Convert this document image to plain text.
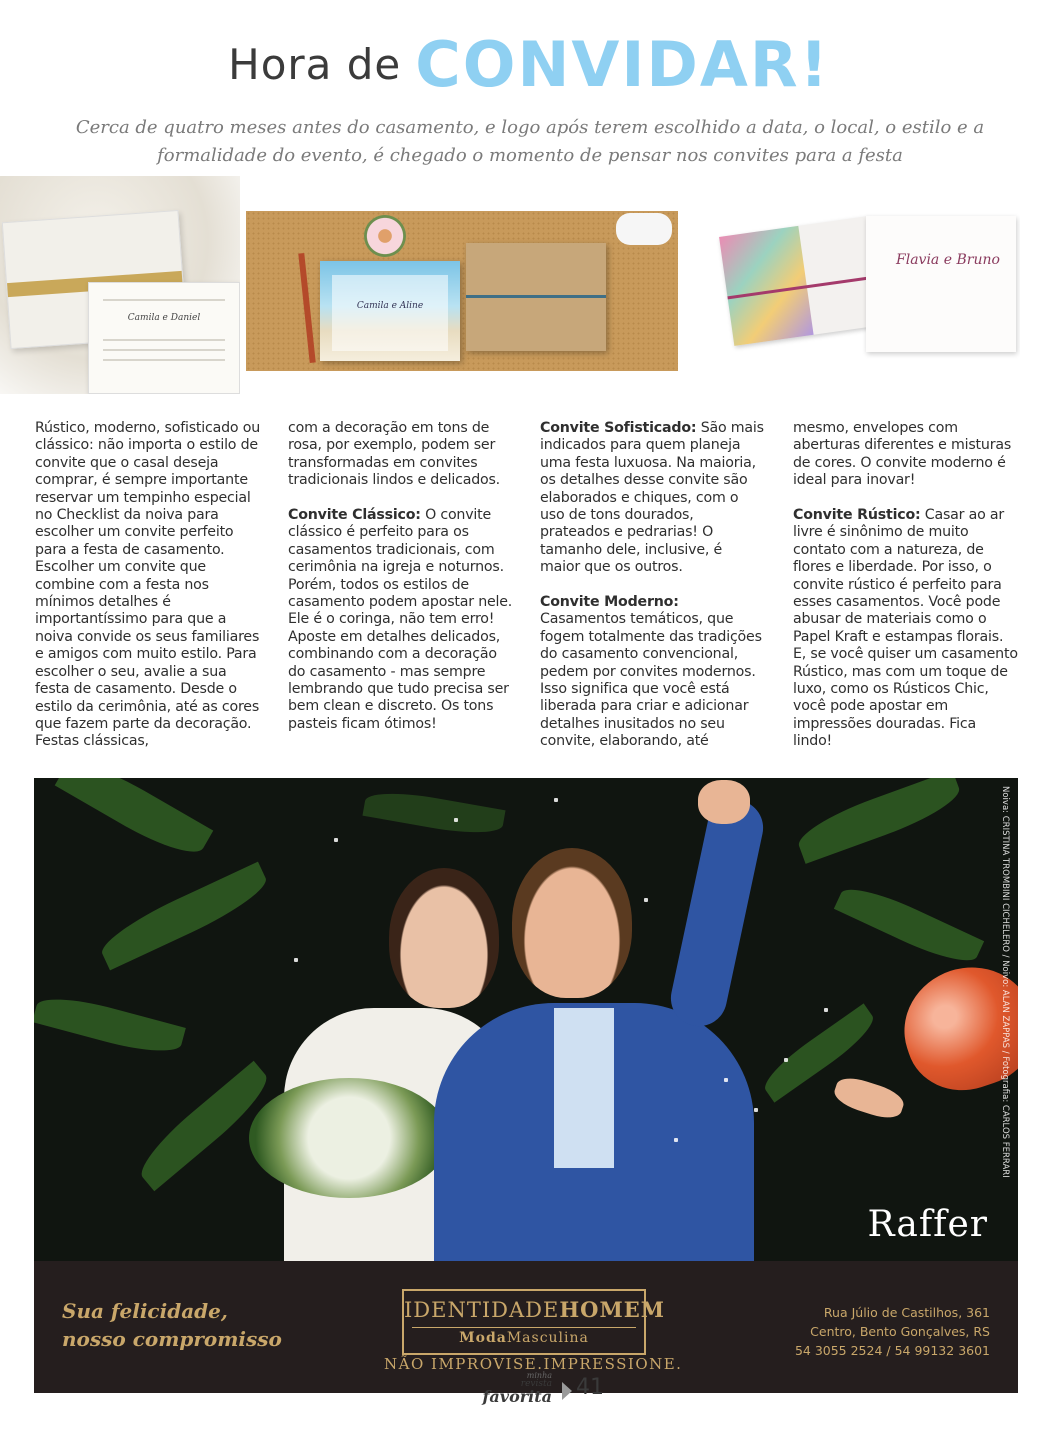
Hora de CONVIDAR!
Cerca de quatro meses antes do casamento, e logo após terem escolhido a data, o local, o estilo e a formalidade do evento, é chegado o momento de pensar nos convites para a festa
Camila e Daniel
Camila e Aline
Flavia e Bruno

Rústico, moderno, sofisticado ou clássico: não importa o estilo de convite que o casal deseja comprar, é sempre importante reservar um tempinho especial no Checklist da noiva para escolher um convite perfeito para a festa de casamento. Escolher um convite que combine com a festa nos mínimos detalhes é importantíssimo para que a noiva convide os seus familiares e amigos com muito estilo. Para escolher o seu, avalie a sua festa de casamento. Desde o estilo da cerimônia, até as cores que fazem parte da decoração. Festas clássicas,

com a decoração em tons de rosa, por exemplo, podem ser transformadas em convites tradicionais lindos e delicados.

Convite Clássico: O convite clássico é perfeito para os casamentos tradicionais, com cerimônia na igreja e noturnos. Porém, todos os estilos de casamento podem apostar nele. Ele é o coringa, não tem erro! Aposte em detalhes delicados, combinando com a decoração do casamento - mas sempre lembrando que tudo precisa ser bem clean e discreto. Os tons pasteis ficam ótimos!

Convite Sofisticado: São mais indicados para quem planeja uma festa luxuosa. Na maioria, os detalhes desse convite são elaborados e chiques, com o uso de tons dourados, prateados e pedrarias! O tamanho dele, inclusive, é maior que os outros.

Convite Moderno:
Casamentos temáticos, que fogem totalmente das tradições do casamento convencional, pedem por convites modernos. Isso significa que você está liberada para criar e adicionar detalhes inusitados no seu convite, elaborando, até

mesmo, envelopes com aberturas diferentes e misturas de cores. O convite moderno é ideal para inovar!

Convite Rústico: Casar ao ar livre é sinônimo de muito contato com a natureza, de flores e liberdade. Por isso, o convite rústico é perfeito para esses casamentos. Você pode abusar de materiais como o Papel Kraft e estampas florais. E, se você quiser um casamento Rústico, mas com um toque de luxo, como os Rústicos Chic, você pode apostar em impressões douradas. Fica lindo!

Noiva: CRISTINA TROMBINI CICHELERO / Noivo: ALAN ZAPPAS / Fotografia: CARLOS FERRARI
Raffer
Sua felicidade,
nosso compromisso
IDENTIDADEHOMEM
ModaMasculina
NÃO IMPROVISE.IMPRESSIONE.
Rua Júlio de Castilhos, 361
Centro, Bento Gonçalves, RS
54 3055 2524 / 54 99132 3601
minha
revista
favorita 41
